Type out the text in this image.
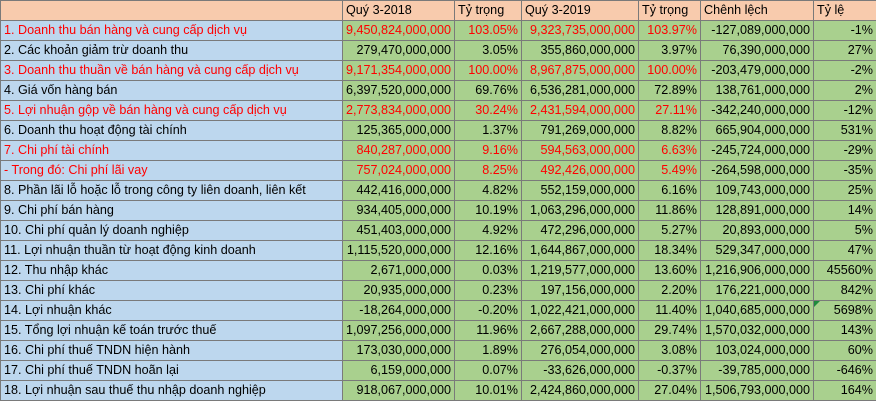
	Quý 3-2018	Tỷ trọng	Quý 3-2019	Tỷ trọng	Chênh lệch	Tỷ lệ
1. Doanh thu bán hàng và cung cấp dịch vụ	9,450,824,000,000	103.05%	9,323,735,000,000	103.97%	-127,089,000,000	-1%
2. Các khoản giảm trừ doanh thu	279,470,000,000	3.05%	355,860,000,000	3.97%	76,390,000,000	27%
3. Doanh thu thuần về bán hàng và cung cấp dịch vụ	9,171,354,000,000	100.00%	8,967,875,000,000	100.00%	-203,479,000,000	-2%
4. Giá vốn hàng bán	6,397,520,000,000	69.76%	6,536,281,000,000	72.89%	138,761,000,000	2%
5. Lợi nhuận gộp về bán hàng và cung cấp dịch vụ	2,773,834,000,000	30.24%	2,431,594,000,000	27.11%	-342,240,000,000	-12%
6. Doanh thu hoạt động tài chính	125,365,000,000	1.37%	791,269,000,000	8.82%	665,904,000,000	531%
7. Chi phí tài chính	840,287,000,000	9.16%	594,563,000,000	6.63%	-245,724,000,000	-29%
- Trong đó: Chi phí lãi vay	757,024,000,000	8.25%	492,426,000,000	5.49%	-264,598,000,000	-35%
8. Phần lãi lỗ hoặc lỗ trong công ty liên doanh, liên kết	442,416,000,000	4.82%	552,159,000,000	6.16%	109,743,000,000	25%
9. Chi phí bán hàng	934,405,000,000	10.19%	1,063,296,000,000	11.86%	128,891,000,000	14%
10. Chi phí quản lý doanh nghiệp	451,403,000,000	4.92%	472,296,000,000	5.27%	20,893,000,000	5%
11. Lợi nhuận thuần từ hoạt động kinh doanh	1,115,520,000,000	12.16%	1,644,867,000,000	18.34%	529,347,000,000	47%
12. Thu nhập khác	2,671,000,000	0.03%	1,219,577,000,000	13.60%	1,216,906,000,000	45560%
13. Chi phí khác	20,935,000,000	0.23%	197,156,000,000	2.20%	176,221,000,000	842%
14. Lợi nhuận khác	-18,264,000,000	-0.20%	1,022,421,000,000	11.40%	1,040,685,000,000	5698%
15. Tổng lợi nhuận kế toán trước thuế	1,097,256,000,000	11.96%	2,667,288,000,000	29.74%	1,570,032,000,000	143%
16. Chi phí thuế TNDN hiện hành	173,030,000,000	1.89%	276,054,000,000	3.08%	103,024,000,000	60%
17. Chi phí thuế TNDN hoãn lại	6,159,000,000	0.07%	-33,626,000,000	-0.37%	-39,785,000,000	-646%
18. Lợi nhuận sau thuế thu nhập doanh nghiệp	918,067,000,000	10.01%	2,424,860,000,000	27.04%	1,506,793,000,000	164%
